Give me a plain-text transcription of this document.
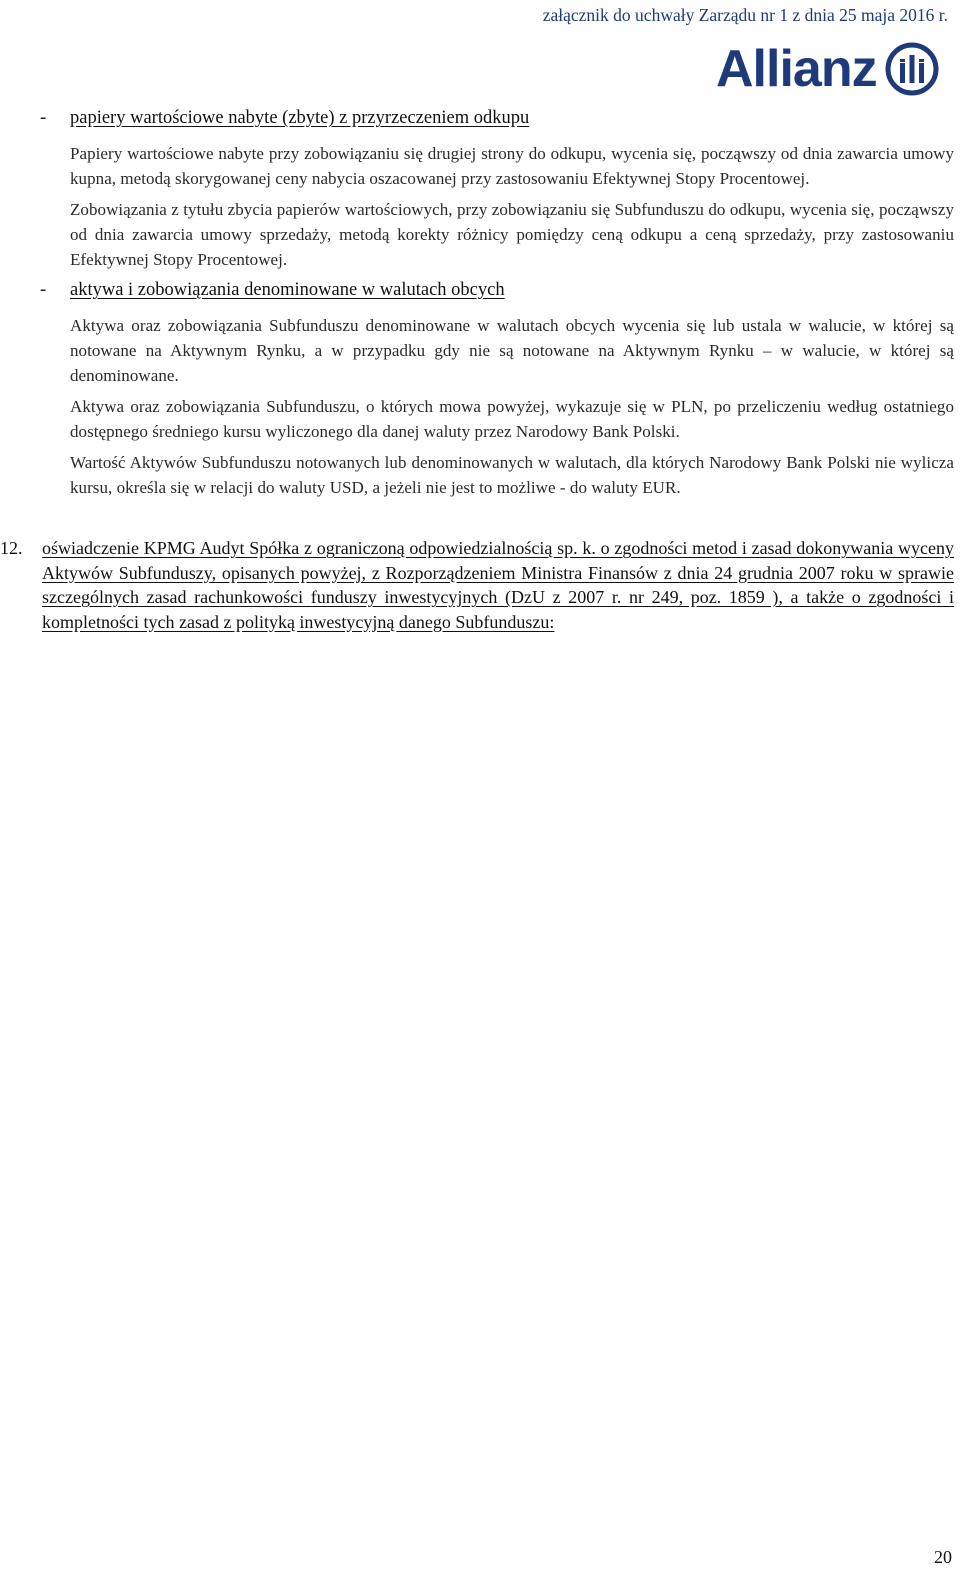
załącznik do uchwały Zarządu nr 1 z dnia 25 maja 2016 r.
Allianz
- papiery wartościowe nabyte (zbyte) z przyrzeczeniem odkupu

Papiery wartościowe nabyte przy zobowiązaniu się drugiej strony do odkupu, wycenia się, począwszy od dnia zawarcia umowy kupna, metodą skorygowanej ceny nabycia oszacowanej przy zastosowaniu Efektywnej Stopy Procentowej.

Zobowiązania z tytułu zbycia papierów wartościowych, przy zobowiązaniu się Subfunduszu do odkupu, wycenia się, począwszy od dnia zawarcia umowy sprzedaży, metodą korekty różnicy pomiędzy ceną odkupu a ceną sprzedaży, przy zastosowaniu Efektywnej Stopy Procentowej.

- aktywa i zobowiązania denominowane w walutach obcych

Aktywa oraz zobowiązania Subfunduszu denominowane w walutach obcych wycenia się lub ustala w walucie, w której są notowane na Aktywnym Rynku, a w przypadku gdy nie są notowane na Aktywnym Rynku – w walucie, w której są denominowane.

Aktywa oraz zobowiązania Subfunduszu, o których mowa powyżej, wykazuje się w PLN, po przeliczeniu według ostatniego dostępnego średniego kursu wyliczonego dla danej waluty przez Narodowy Bank Polski.

Wartość Aktywów Subfunduszu notowanych lub denominowanych w walutach, dla których Narodowy Bank Polski nie wylicza kursu, określa się w relacji do waluty USD, a jeżeli nie jest to możliwe - do waluty EUR.

12. oświadczenie KPMG Audyt Spółka z ograniczoną odpowiedzialnością sp. k. o zgodności metod i zasad dokonywania wyceny Aktywów Subfunduszy, opisanych powyżej, z Rozporządzeniem Ministra Finansów z dnia 24 grudnia 2007 roku w sprawie szczególnych zasad rachunkowości funduszy inwestycyjnych (DzU z 2007 r. nr 249, poz. 1859 ), a także o zgodności i kompletności tych zasad z polityką inwestycyjną danego Subfunduszu:
20
